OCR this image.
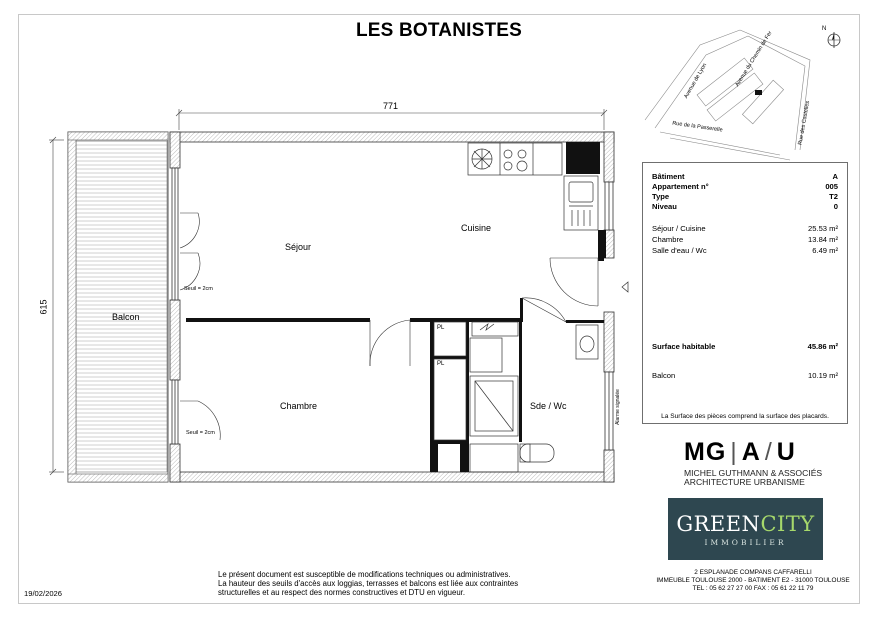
LES BOTANISTES	N
Avenue de Lyon	Avenue du Chemin de Fer
Rue de la Passerelle	Rue des Castelles
771
615
Séjour
Cuisine
Chambre
Balcon
Sde / Wc
PL
PL
Seuil = 2cm
Seuil = 2cm
Alarme signalée
Bâtiment	A
Appartement n°	005
Type	T2
Niveau	0
Séjour / Cuisine	25.53 m²
Chambre	13.84 m²
Salle d'eau / Wc	6.49 m²
Surface habitable	45.86 m²
Balcon	10.19 m²
La Surface des pièces comprend la surface des placards.
MG | A / U
MICHEL GUTHMANN & ASSOCIÉS
ARCHITECTURE URBANISME
GREENCITY
IMMOBILIER
2 ESPLANADE COMPANS CAFFARELLI
IMMEUBLE TOULOUSE 2000 - BATIMENT E2 - 31000 TOULOUSE
TEL : 05 62 27 27 00 FAX : 05 61 22 11 79
Le présent document est susceptible de modifications techniques ou administratives.
La hauteur des seuils d'accès aux loggias, terrasses et balcons est liée aux contraintes
structurelles et au respect des normes constructives et DTU en vigueur.
19/02/2026
